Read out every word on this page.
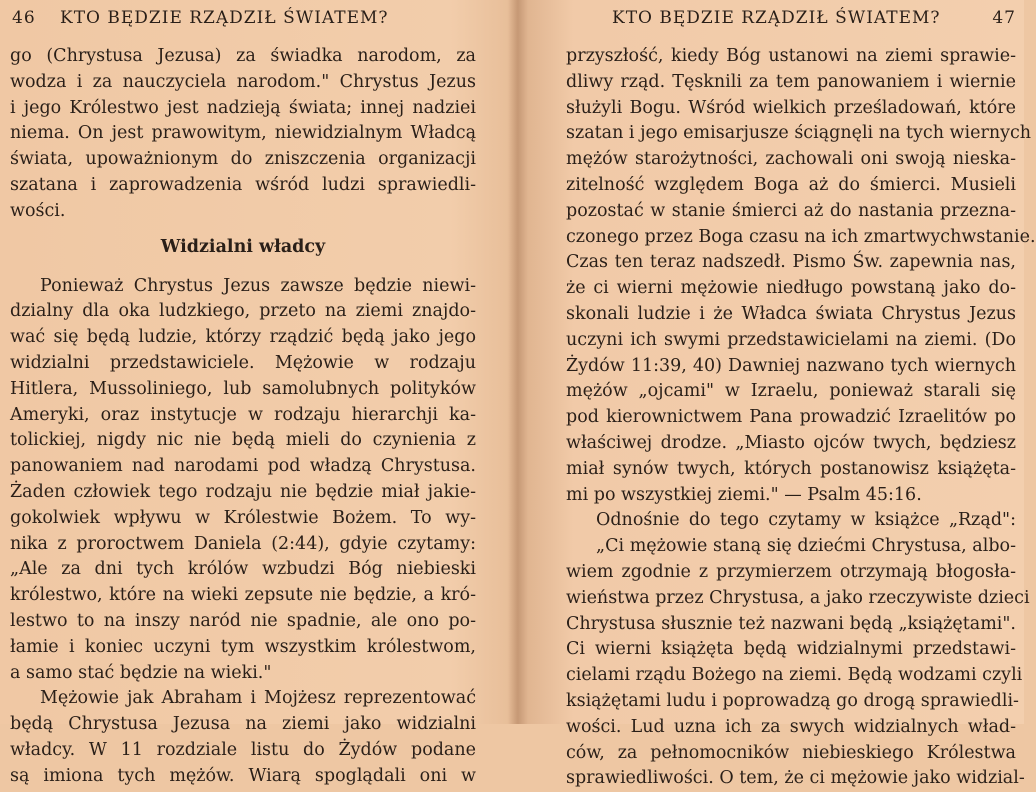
46 KTO BĘDZIE RZĄDZIŁ ŚWIATEM?
go (Chrystusa Jezusa) za świadka narodom, za
wodza i za nauczyciela narodom." Chrystus Jezus
i jego Królestwo jest nadzieją świata; innej nadziei
niema. On jest prawowitym, niewidzialnym Władcą
świata, upoważnionym do zniszczenia organizacji
szatana i zaprowadzenia wśród ludzi sprawiedli-
wości.
Widzialni władcy
Ponieważ Chrystus Jezus zawsze będzie niewi-
dzialny dla oka ludzkiego, przeto na ziemi znajdo-
wać się będą ludzie, którzy rządzić będą jako jego
widzialni przedstawiciele. Mężowie w rodzaju
Hitlera, Mussoliniego, lub samolubnych polityków
Ameryki, oraz instytucje w rodzaju hierarchji ka-
tolickiej, nigdy nic nie będą mieli do czynienia z
panowaniem nad narodami pod władzą Chrystusa.
Żaden człowiek tego rodzaju nie będzie miał jakie-
gokolwiek wpływu w Królestwie Bożem. To wy-
nika z proroctwem Daniela (2:44), gdyie czytamy:
„Ale za dni tych królów wzbudzi Bóg niebieski
królestwo, które na wieki zepsute nie będzie, a kró-
lestwo to na inszy naród nie spadnie, ale ono po-
łamie i koniec uczyni tym wszystkim królestwom,
a samo stać będzie na wieki."
Mężowie jak Abraham i Mojżesz reprezentować
będą Chrystusa Jezusa na ziemi jako widzialni
władcy. W 11 rozdziale listu do Żydów podane
są imiona tych mężów. Wiarą spoglądali oni w
KTO BĘDZIE RZĄDZIŁ ŚWIATEM?	47
przyszłość, kiedy Bóg ustanowi na ziemi sprawie-
dliwy rząd. Tęsknili za tem panowaniem i wiernie
służyli Bogu. Wśród wielkich prześladowań, które
szatan i jego emisarjusze ściągnęli na tych wiernych
mężów starożytności, zachowali oni swoją nieska-
zitelność względem Boga aż do śmierci. Musieli
pozostać w stanie śmierci aż do nastania przezna-
czonego przez Boga czasu na ich zmartwychwstanie.
Czas ten teraz nadszedł. Pismo Św. zapewnia nas,
że ci wierni mężowie niedługo powstaną jako do-
skonali ludzie i że Władca świata Chrystus Jezus
uczyni ich swymi przedstawicielami na ziemi. (Do
Żydów 11:39, 40) Dawniej nazwano tych wiernych
mężów „ojcami" w Izraelu, ponieważ starali się
pod kierownictwem Pana prowadzić Izraelitów po
właściwej drodze. „Miasto ojców twych, będziesz
miał synów twych, których postanowisz książęta-
mi po wszystkiej ziemi." — Psalm 45:16.
Odnośnie do tego czytamy w książce „Rząd":
„Ci mężowie staną się dziećmi Chrystusa, albo-
wiem zgodnie z przymierzem otrzymają błogosła-
wieństwa przez Chrystusa, a jako rzeczywiste dzieci
Chrystusa słusznie też nazwani będą „książętami".
Ci wierni książęta będą widzialnymi przedstawi-
cielami rządu Bożego na ziemi. Będą wodzami czyli
książętami ludu i poprowadzą go drogą sprawiedli-
wości. Lud uzna ich za swych widzialnych wład-
ców, za pełnomocników niebieskiego Królestwa
sprawiedliwości. O tem, że ci mężowie jako widzial-
